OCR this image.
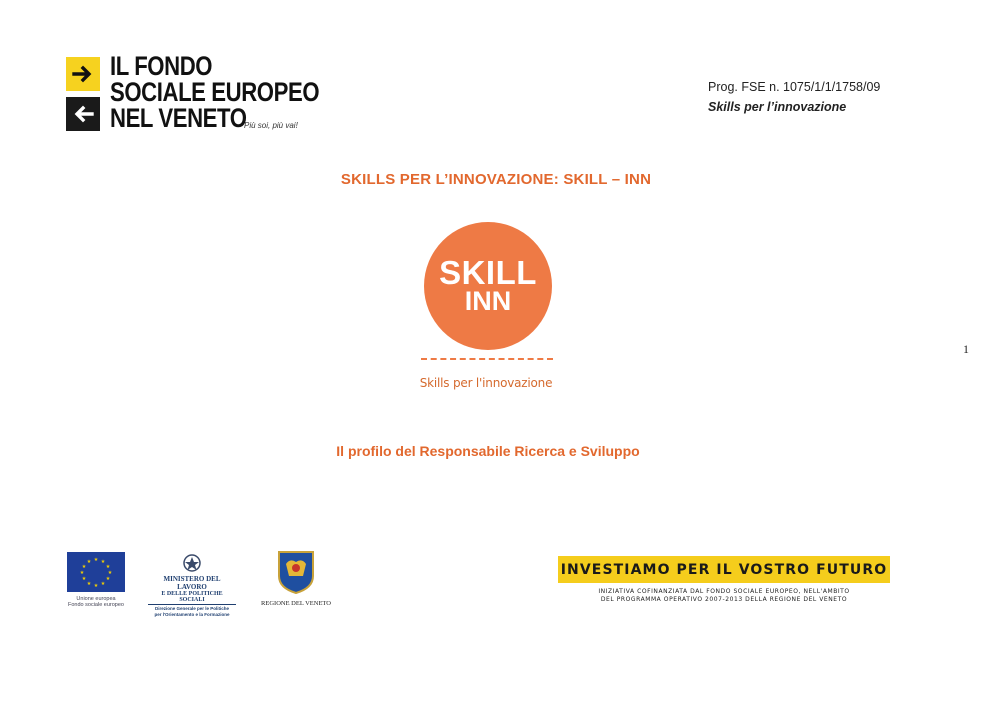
IL FONDO
SOCIALE EUROPEO
NEL VENETO
Più soi, più vai!
Prog. FSE n. 1075/1/1/1758/09
Skills per l’innovazione
SKILLS PER L’INNOVAZIONE: SKILL – INN
SKILL
INN
Skills per l'innovazione
1
Il profilo del Responsabile Ricerca e Sviluppo
★ ★
★
★
★
★
★
★
★
★
★
★
Unione europea
Fondo sociale europeo
MINISTERO DEL LAVORO
E DELLE POLITICHE SOCIALI
Direzione Generale per le Politiche
per l'Orientamento e la Formazione
REGIONE DEL VENETO
INVESTIAMO PER IL VOSTRO FUTURO
INIZIATIVA COFINANZIATA DAL FONDO SOCIALE EUROPEO, NELL'AMBITO
DEL PROGRAMMA OPERATIVO 2007-2013 DELLA REGIONE DEL VENETO
